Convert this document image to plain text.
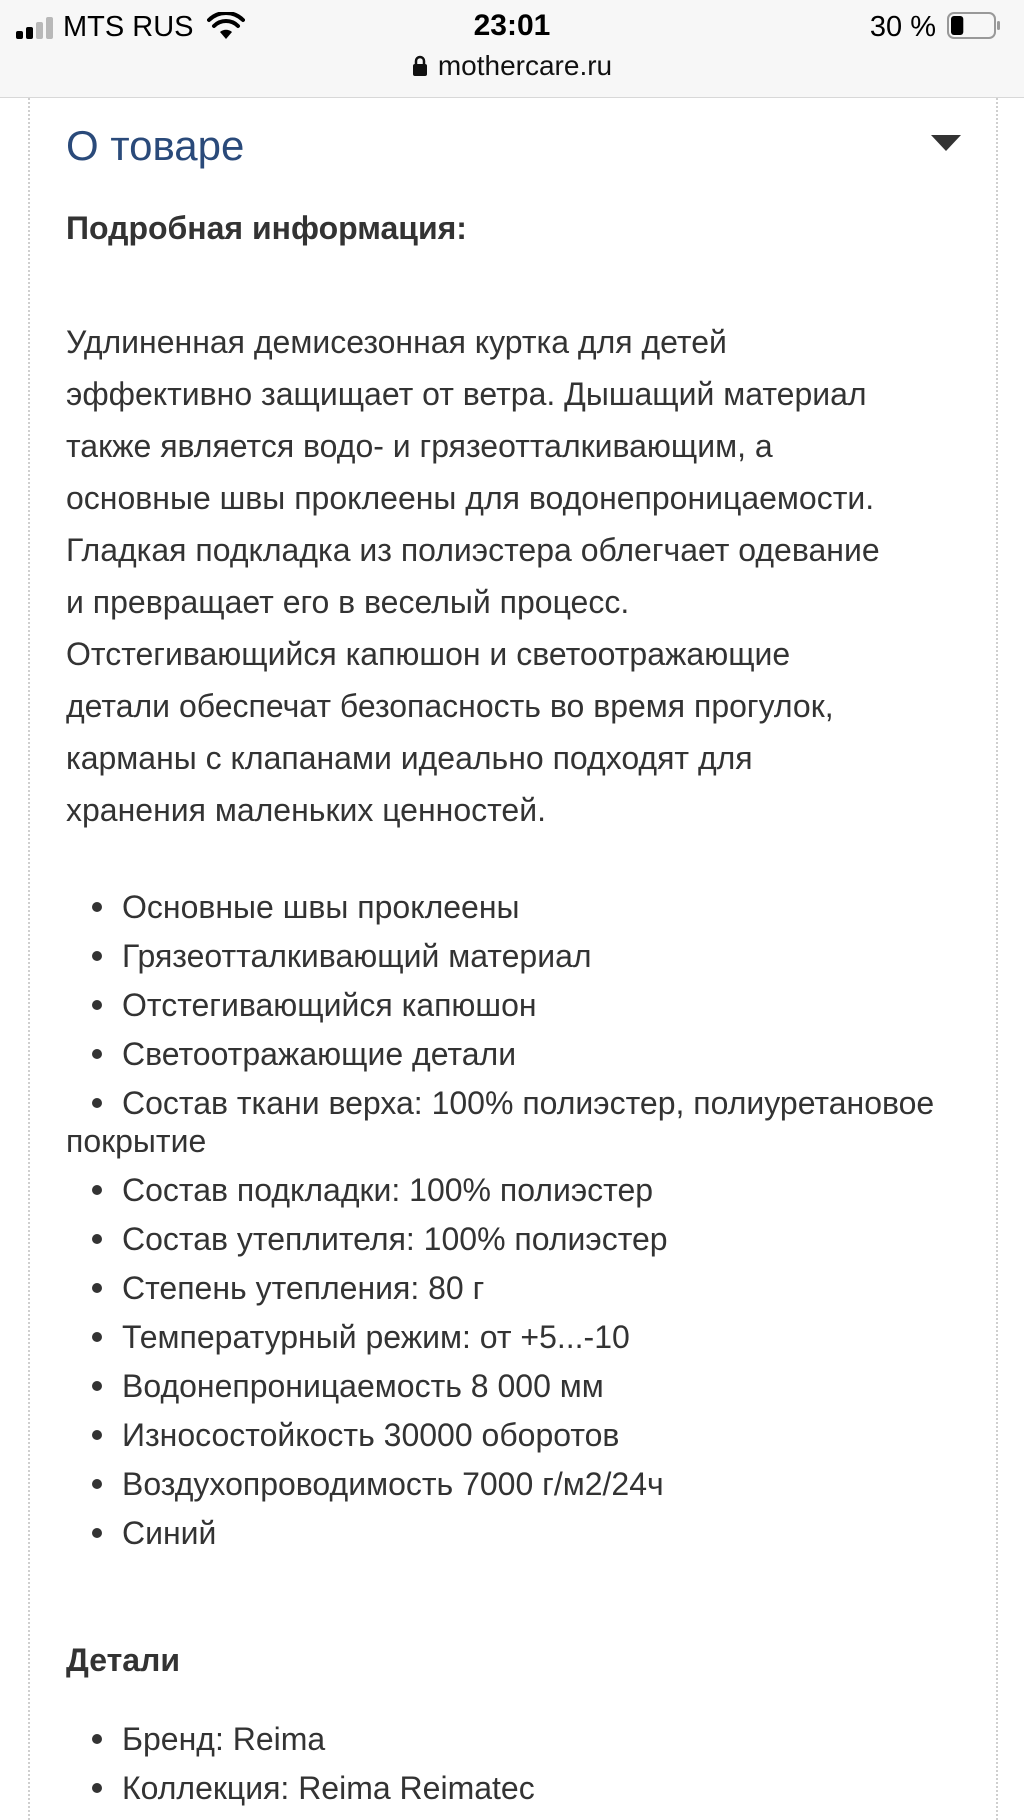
MTS RUS	23:01	30 %
mothercare.ru
О товаре
Подробная информация:

Удлиненная демисезонная куртка для детей
эффективно защищает от ветра. Дышащий материал
также является водо- и грязеотталкивающим, а
основные швы проклеены для водонепроницаемости.
Гладкая подкладка из полиэстера облегчает одевание
и превращает его в веселый процесс.
Отстегивающийся капюшон и светоотражающие
детали обеспечат безопасность во время прогулок,
карманы с клапанами идеально подходят для
хранения маленьких ценностей.

Основные швы проклеены
Грязеотталкивающий материал
Отстегивающийся капюшон
Светоотражающие детали
Состав ткани верха: 100% полиэстер, полиуретановое покрытие
Состав подкладки: 100% полиэстер
Состав утеплителя: 100% полиэстер
Степень утепления: 80 г
Температурный режим: от +5...-10
Водонепроницаемость 8 000 мм
Износостойкость 30000 оборотов
Воздухопроводимость 7000 г/м2/24ч
Синий
Детали
Бренд: Reima
Коллекция: Reima Reimatec
